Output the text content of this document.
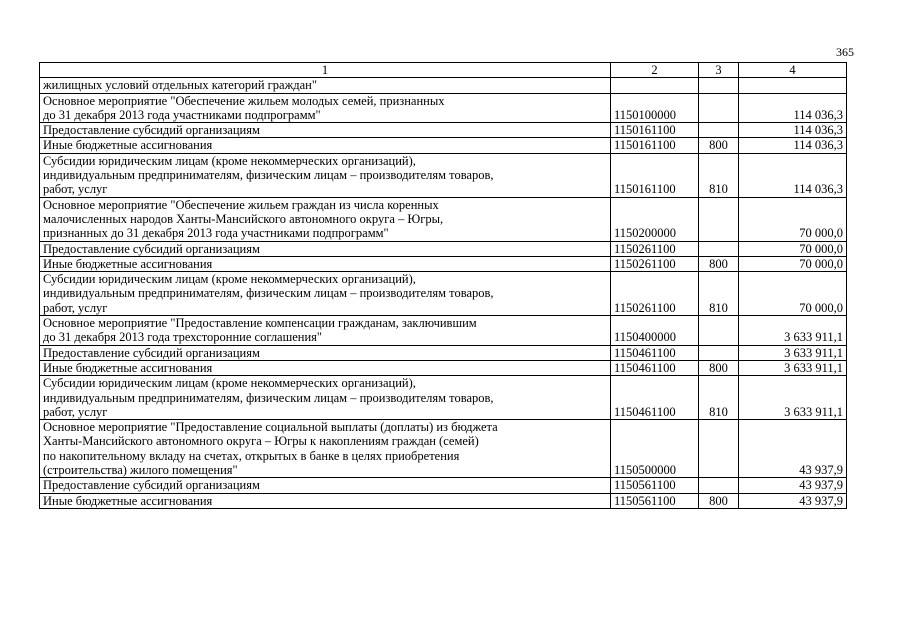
365
1	2	3	4
жилищных условий отдельных категорий граждан"			
Основное мероприятие "Обеспечение жильем молодых семей, признанных
до 31 декабря 2013 года участниками подпрограмм"	1150100000		114 036,3
Предоставление субсидий организациям	1150161100		114 036,3
Иные бюджетные ассигнования	1150161100	800	114 036,3
Субсидии юридическим лицам (кроме некоммерческих организаций),
индивидуальным предпринимателям, физическим лицам – производителям товаров,
работ, услуг	1150161100	810	114 036,3
Основное мероприятие "Обеспечение жильем граждан из числа коренных
малочисленных народов Ханты-Мансийского автономного округа – Югры,
признанных до 31 декабря 2013 года участниками подпрограмм"	1150200000		70 000,0
Предоставление субсидий организациям	1150261100		70 000,0
Иные бюджетные ассигнования	1150261100	800	70 000,0
Субсидии юридическим лицам (кроме некоммерческих организаций),
индивидуальным предпринимателям, физическим лицам – производителям товаров,
работ, услуг	1150261100	810	70 000,0
Основное мероприятие "Предоставление компенсации гражданам, заключившим
до 31 декабря 2013 года трехсторонние соглашения"	1150400000		3 633 911,1
Предоставление субсидий организациям	1150461100		3 633 911,1
Иные бюджетные ассигнования	1150461100	800	3 633 911,1
Субсидии юридическим лицам (кроме некоммерческих организаций),
индивидуальным предпринимателям, физическим лицам – производителям товаров,
работ, услуг	1150461100	810	3 633 911,1
Основное мероприятие "Предоставление социальной выплаты (доплаты) из бюджета
Ханты-Мансийского автономного округа – Югры к накоплениям граждан (семей)
по накопительному вкладу на счетах, открытых в банке в целях приобретения
(строительства) жилого помещения"	1150500000		43 937,9
Предоставление субсидий организациям	1150561100		43 937,9
Иные бюджетные ассигнования	1150561100	800	43 937,9
